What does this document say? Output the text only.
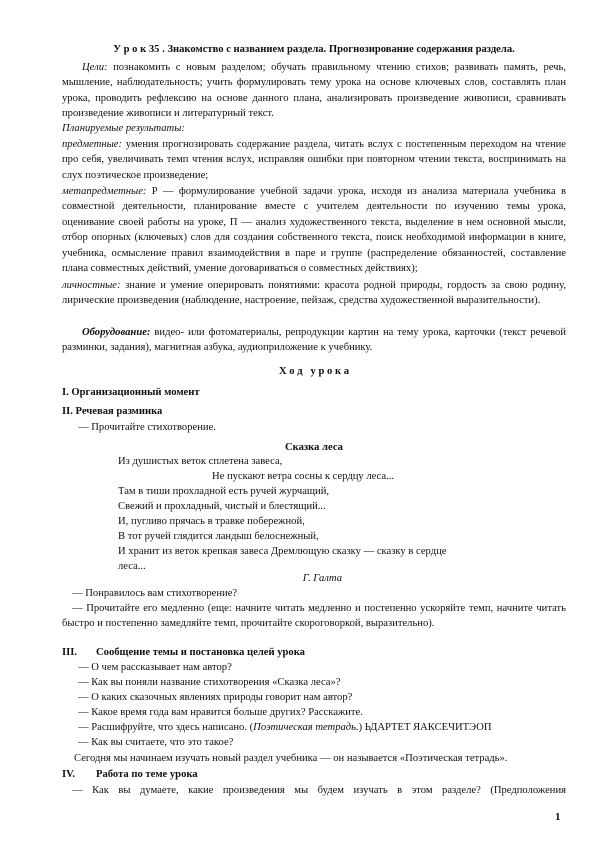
У р о к 35 . Знакомство с названием раздела. Прогнозирование содержания раздела.

Цели: познакомить с новым разделом; обучать правильному чтению стихов; развивать память, речь, мышление, наблюдательность; учить формулировать тему урока на основе ключевых слов, составлять план урока, проводить рефлексию на основе данного плана, анализировать произведение живописи, сравнивать произведение живописи и литературный текст.

Планируемые результаты:

предметные: умения прогнозировать содержание раздела, читать вслух с постепенным переходом на чтение про себя, увеличивать темп чтения вслух, исправляя ошибки при повторном чтении текста, воспринимать на слух поэтическое произведение;

метапредметные: Р — формулирование учебной задачи урока, исходя из анализа материала учебника в совместной деятельности, планирование вместе с учителем деятельности по изучению темы урока, оценивание своей работы на уроке, П — анализ художественного текста, выделение в нем основной мысли, отбор опорных (ключевых) слов для создания собственного текста, поиск необходимой информации в книге, учебника, осмысление правил взаимодействия в паре и группе (распределение обязанностей, составление плана совместных действий, умение договариваться о совместных действиях);

личностные: знание и умение оперировать понятиями: красота родной природы, гордость за свою родину, лирические произведения (наблюдение, настроение, пейзаж, средства художественной выразительности).

Оборудование: видео- или фотоматериалы, репродукции картин на тему урока, карточки (текст речевой разминки, задания), магнитная азбука, аудиоприложение к учебнику.

Х о д   у р о к а
I. Организационный момент
II. Речевая разминка
— Прочитайте стихотворение.
Сказка леса
Из душистых веток сплетена завеса,
Не пускают ветра сосны к сердцу леса...
Там в тиши прохладной есть ручей журчащий,
Свежий и прохладный, чистый и блестящий...
И, пугливо прячась в травке побережной,
В тот ручей глядится ландыш белоснежный,
И хранит из веток крепкая завеса Дремлющую сказку — сказку в сердце
леса...
Г. Галта

— Понравилось вам стихотворение?

— Прочитайте его медленно (еще: начните читать медленно и постепенно ускоряйте темп, начните читать быстро и постепенно замедляйте темп, прочитайте скороговоркой, выразительно).

III. Сообщение темы и постановка целей урока
— О чем рассказывает нам автор?
— Как вы поняли название стихотворения «Сказка леса»?
— О каких сказочных явлениях природы говорит нам автор?
— Какое время года вам нравится больше других? Расскажите.
— Расшифруйте, что здесь написано. (Поэтическая тетрадь.) ЬДАРТЕТ ЯАКСЕЧИТЭОП
— Как вы считаете, что это такое?
Сегодня мы начинаем изучать новый раздел учебника — он называется «Поэтическая тетрадь».
IV. Работа по теме урока

— Как вы думаете, какие произведения мы будем изучать в этом разделе? (Предположения

1
